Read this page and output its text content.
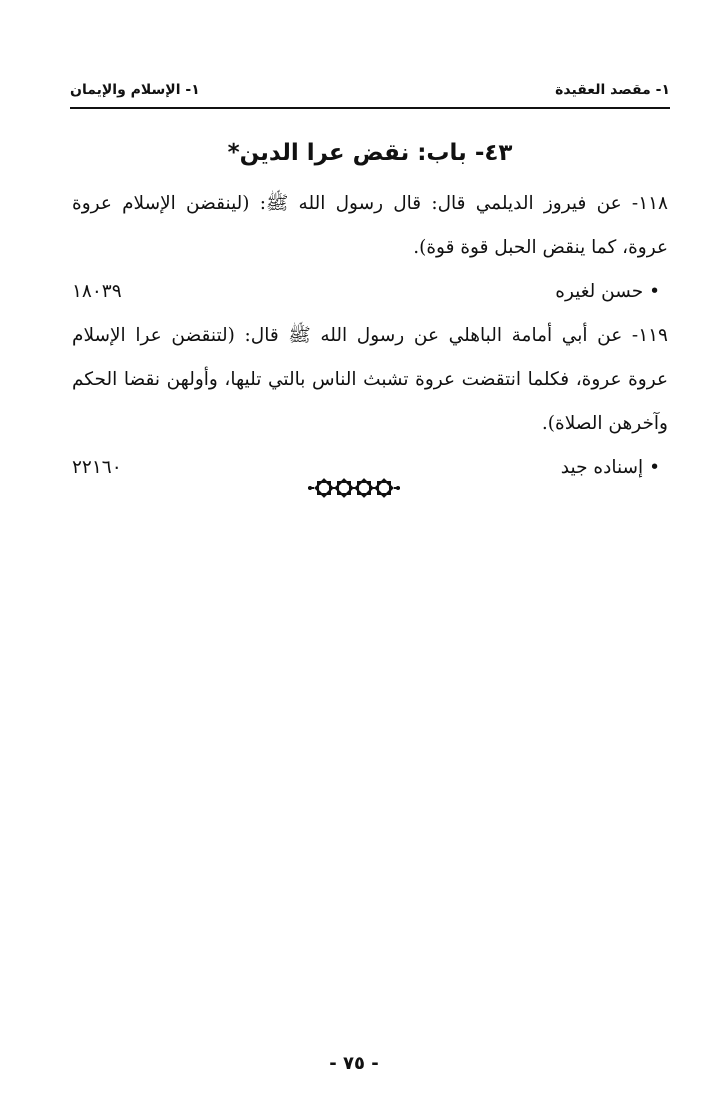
١- مقصد العقيدة
١- الإسلام والإيمان
٤٣- باب: نقض عرا الدين*

١١٨- عن فيروز الديلمي قال: قال رسول الله ﷺ: (لينقضن الإسلام عروة عروة، كما ينقض الحبل قوة قوة).

• حسن لغيره
١٨٠٣٩

١١٩- عن أبي أمامة الباهلي عن رسول الله ﷺ قال: (لتنقضن عرا الإسلام عروة عروة، فكلما انتقضت عروة تشبث الناس بالتي تليها، وأولهن نقضا الحكم وآخرهن الصلاة).

• إسناده جيد
٢٢١٦٠
- ٧٥ -
